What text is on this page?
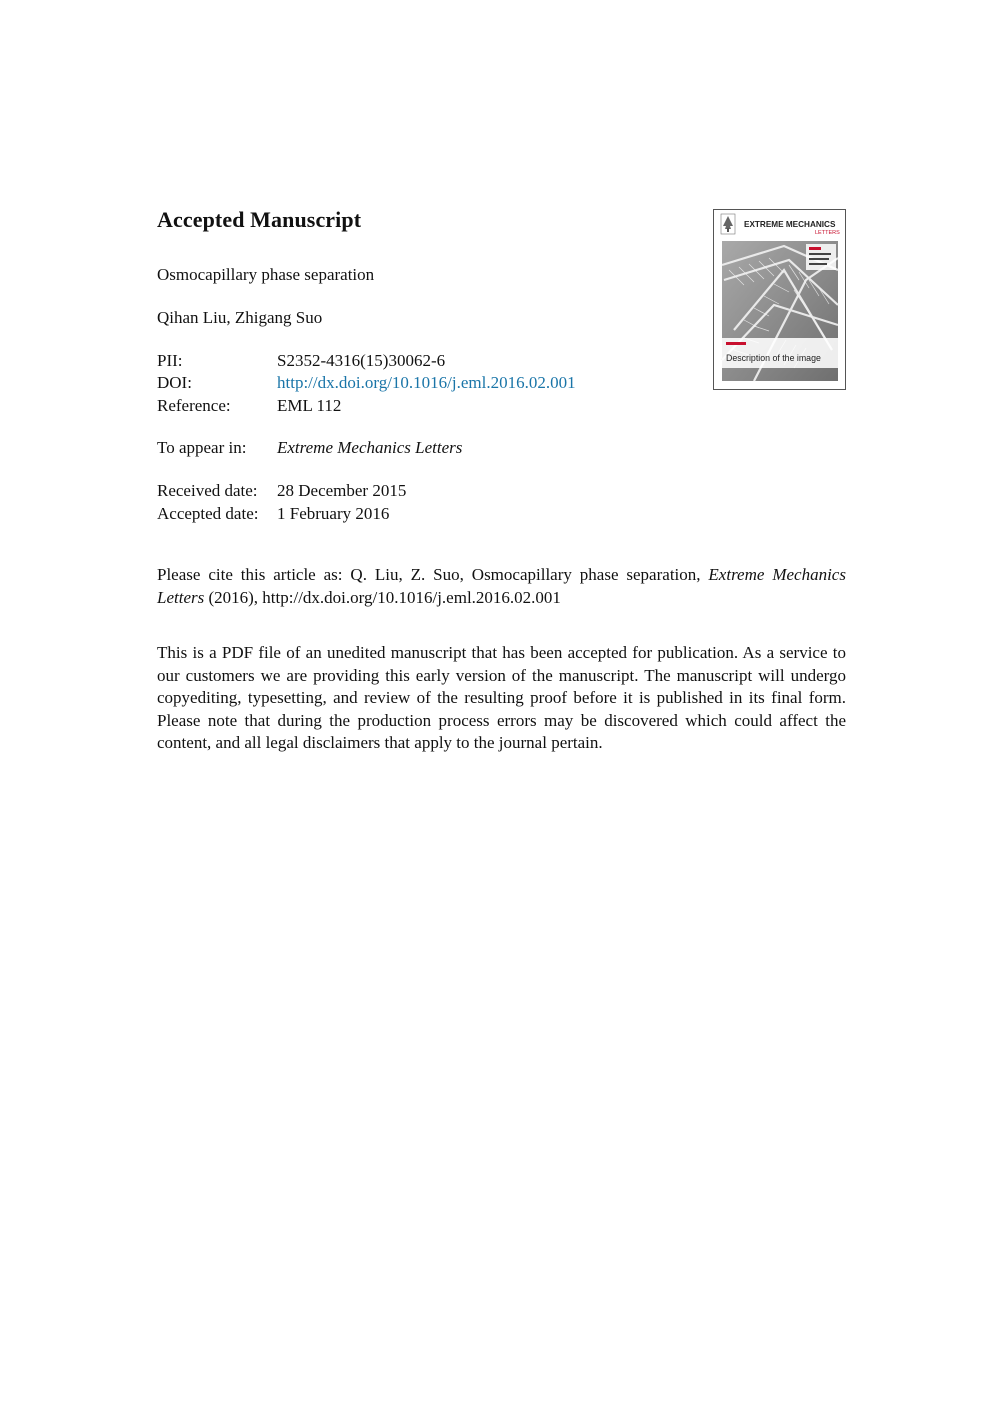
Accepted Manuscript
Osmocapillary phase separation
Qihan Liu, Zhigang Suo
PII:	S2352-4316(15)30062-6
DOI:	http://dx.doi.org/10.1016/j.eml.2016.02.001
Reference:	EML 112
To appear in: Extreme Mechanics Letters
Received date: 28 December 2015
Accepted date: 1 February 2016
Please cite this article as: Q. Liu, Z. Suo, Osmocapillary phase separation, Extreme Mechanics Letters (2016), http://dx.doi.org/10.1016/j.eml.2016.02.001
This is a PDF file of an unedited manuscript that has been accepted for publication. As a service to our customers we are providing this early version of the manuscript. The manuscript will undergo copyediting, typesetting, and review of the resulting proof before it is published in its final form. Please note that during the production process errors may be discovered which could affect the content, and all legal disclaimers that apply to the journal pertain.
EXTREME MECHANICS
LETTERS
Description of the image
